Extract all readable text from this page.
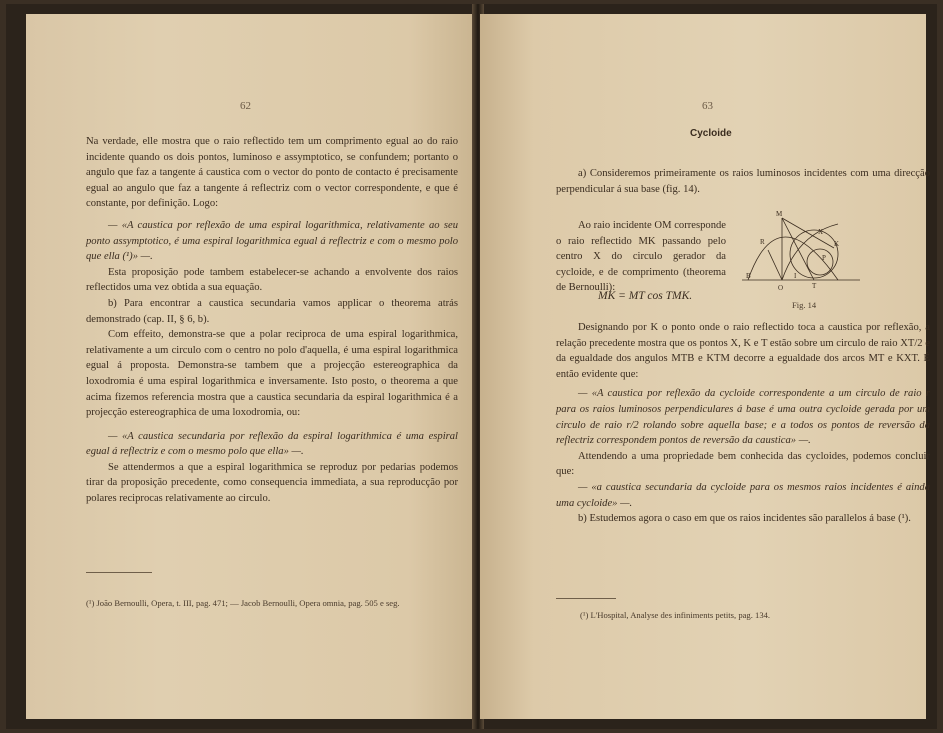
62

Na verdade, elle mostra que o raio reflectido tem um comprimento egual ao do raio incidente quando os dois pontos, luminoso e assymptotico, se confundem; portanto o angulo que faz a tangente á caustica com o vector do ponto de contacto é precisamente egual ao angulo que faz a tangente á reflectriz com o vector correspondente, e que é constante, por definição. Logo:

— «A caustica por reflexão de uma espiral logarithmica, relativamente ao seu ponto assymptotico, é uma espiral logarithmica egual á reflectriz e com o mesmo polo que ella (¹)» —.

Esta proposição pode tambem estabelecer-se achando a envolvente dos raios reflectidos uma vez obtida a sua equação.

b) Para encontrar a caustica secundaria vamos applicar o theorema atrás demonstrado (cap. II, § 6, b).

Com effeito, demonstra-se que a polar reciproca de uma espiral logarithmica, relativamente a um circulo com o centro no polo d'aquella, é uma espiral logarithmica egual á proposta. Demonstra-se tambem que a projecção estereographica da loxodromia é uma espiral logarithmica e inversamente. Isto posto, o theorema a que acima fizemos referencia mostra que a caustica secundaria da espiral logarithmica é a projecção estereographica de uma loxodromia, ou:

— «A caustica secundaria por reflexão da espiral logarithmica é uma espiral egual á reflectriz e com o mesmo polo que ella» —.

Se attendermos a que a espiral logarithmica se reproduz por pedarias podemos tirar da proposição precedente, como consequencia immediata, a sua reproducção por polares reciprocas relativamente ao circulo.

(¹) João Bernoulli, Opera, t. III, pag. 471; — Jacob Bernoulli, Opera omnia, pag. 505 e seg.
63
Cycloide

a) Consideremos primeiramente os raios luminosos incidentes com uma direcção perpendicular á sua base (fig. 14).

Ao raio incidente OM corresponde o raio reflectido MK passando pelo centro X do circulo gerador da cycloide, e de comprimento (theorema de Bernoulli):

MK = MT cos TMK.
M
X
K
R
P
B	I
T
O
Fig. 14

Designando por K o ponto onde o raio reflectido toca a caustica por reflexão, a relação precedente mostra que os pontos X, K e T estão sobre um circulo de raio XT/2 e da egualdade dos angulos MTB e KTM decorre a egualdade dos arcos MT e KXT. É então evidente que:

— «A caustica por reflexão da cycloide correspondente a um circulo de raio r para os raios luminosos perpendiculares á base é uma outra cycloide gerada por um circulo de raio r/2 rolando sobre aquella base; e a todos os pontos de reversão da reflectriz correspondem pontos de reversão da caustica» —.

Attendendo a uma propriedade bem conhecida das cycloides, podemos concluir que:

— «a caustica secundaria da cycloide para os mesmos raios incidentes é ainda uma cycloide» —.

b) Estudemos agora o caso em que os raios incidentes são parallelos á base (¹).

(¹) L'Hospital, Analyse des infiniments petits, pag. 134.
